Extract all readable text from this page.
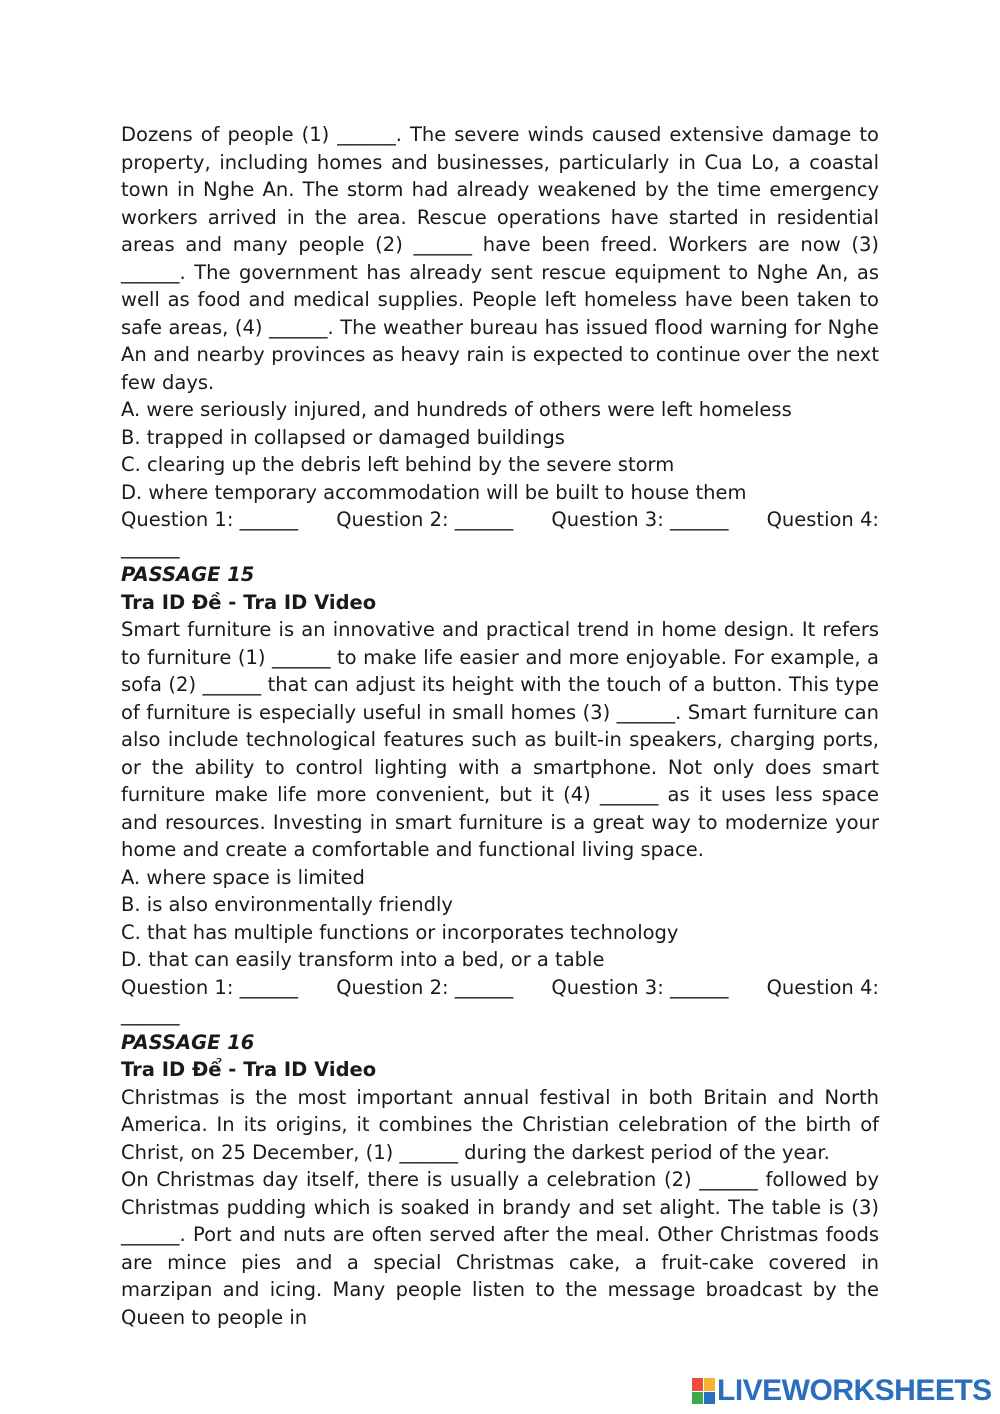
Dozens of people (1) ______. The severe winds caused extensive damage to property, including homes and businesses, particularly in Cua Lo, a coastal town in Nghe An. The storm had already weakened by the time emergency workers arrived in the area. Rescue operations have started in residential areas and many people (2) ______ have been freed. Workers are now (3) ______. The government has already sent rescue equipment to Nghe An, as well as food and medical supplies. People left homeless have been taken to safe areas, (4) ______. The weather bureau has issued flood warning for Nghe An and nearby provinces as heavy rain is expected to continue over the next few days.

A. were seriously injured, and hundreds of others were left homeless

B. trapped in collapsed or damaged buildings

C. clearing up the debris left behind by the severe storm

D. where temporary accommodation will be built to house them

Question 1: ______ Question 2: ______ Question 3: ______ Question 4:

______

PASSAGE 15

Tra ID Đề - Tra ID Video

Smart furniture is an innovative and practical trend in home design. It refers to furniture (1) ______ to make life easier and more enjoyable. For example, a sofa (2) ______ that can adjust its height with the touch of a button. This type of furniture is especially useful in small homes (3) ______. Smart furniture can also include technological features such as built-in speakers, charging ports, or the ability to control lighting with a smartphone. Not only does smart furniture make life more convenient, but it (4) ______ as it uses less space and resources. Investing in smart furniture is a great way to modernize your home and create a comfortable and functional living space.

A. where space is limited

B. is also environmentally friendly

C. that has multiple functions or incorporates technology

D. that can easily transform into a bed, or a table

Question 1: ______ Question 2: ______ Question 3: ______ Question 4:

______

PASSAGE 16

Tra ID Để - Tra ID Video

Christmas is the most important annual festival in both Britain and North America. In its origins, it combines the Christian celebration of the birth of Christ, on 25 December, (1) ______ during the darkest period of the year.

On Christmas day itself, there is usually a celebration (2) ______ followed by Christmas pudding which is soaked in brandy and set alight. The table is (3) ______. Port and nuts are often served after the meal. Other Christmas foods are mince pies and a special Christmas cake, a fruit-cake covered in marzipan and icing. Many people listen to the message broadcast by the Queen to people in

LIVEWORKSHEETS
